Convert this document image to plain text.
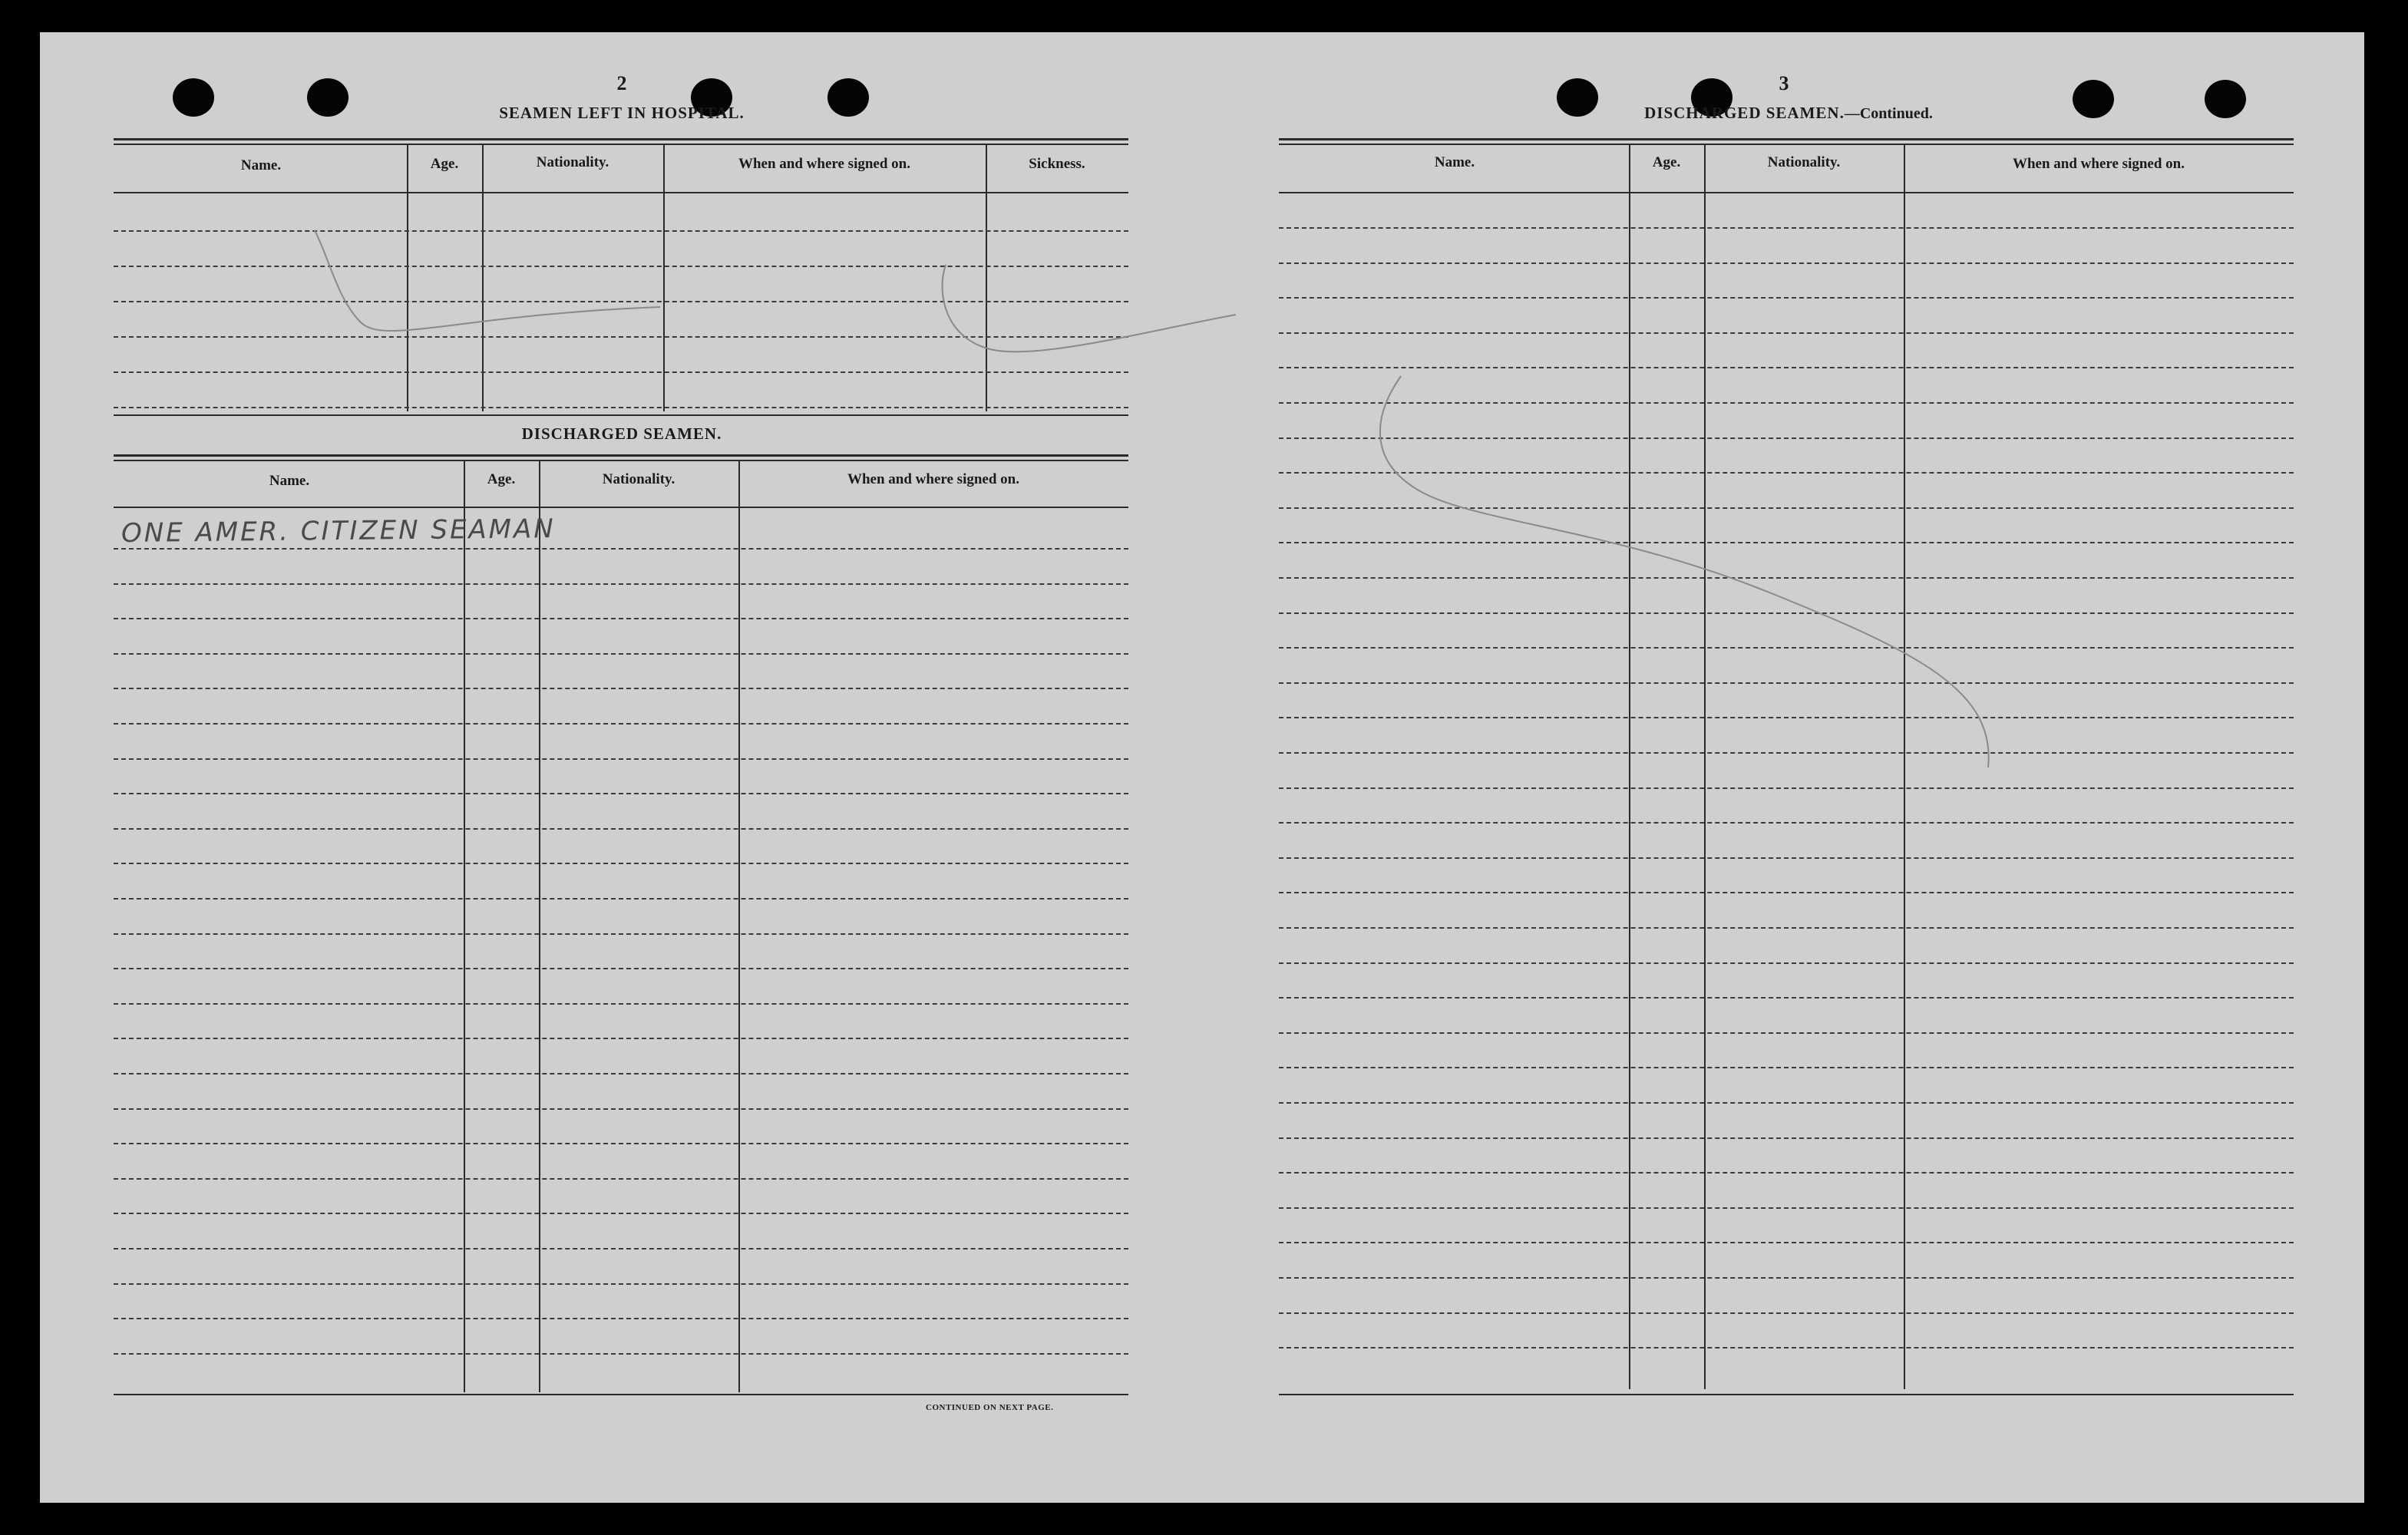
2
SEAMEN LEFT IN HOSPITAL.
Name.	Age.	Nationality.	When and where signed on.	Sickness.
DISCHARGED SEAMEN.
Name.	Age.	Nationality.	When and where signed on.
ONE AMER. CITIZEN SEAMAN
CONTINUED ON NEXT PAGE.
3
DISCHARGED SEAMEN.—Continued.
Name.	Age.	Nationality.	When and where signed on.
